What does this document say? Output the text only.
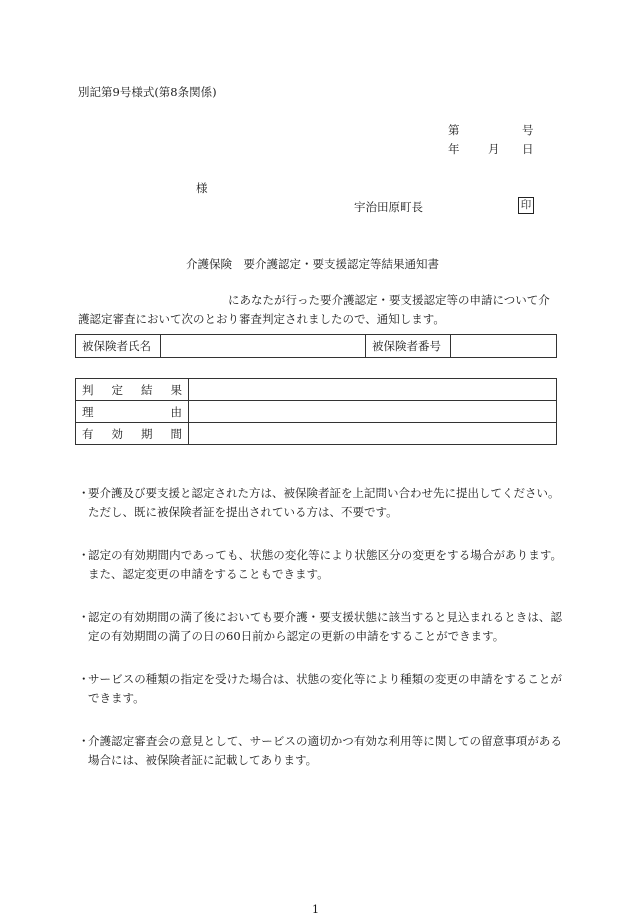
別記第9号様式(第8条関係)
第	号
年 月 日
様
宇治田原町長	印
介護保険　要介護認定・要支援認定等結果通知書
にあなたが行った要介護認定・要支援認定等の申請について介
護認定審査において次のとおり審査判定されましたので、通知します。
被保険者氏名		被保険者番号	
判 定 結 果	

理 由	

有 効 期 間	

・
要介護及び要支援と認定された方は、被保険者証を上記問い合わせ先に提出してください。
ただし、既に被保険者証を提出されている方は、不要です。
・
認定の有効期間内であっても、状態の変化等により状態区分の変更をする場合があります。また、認定変更の申請をすることもできます。
・
認定の有効期間の満了後においても要介護・要支援状態に該当すると見込まれるときは、認定の有効期間の満了の日の60日前から認定の更新の申請をすることができます。
・
サービスの種類の指定を受けた場合は、状態の変化等により種類の変更の申請をすることができます。
・
介護認定審査会の意見として、サービスの適切かつ有効な利用等に関しての留意事項がある場合には、被保険者証に記載してあります。
1
